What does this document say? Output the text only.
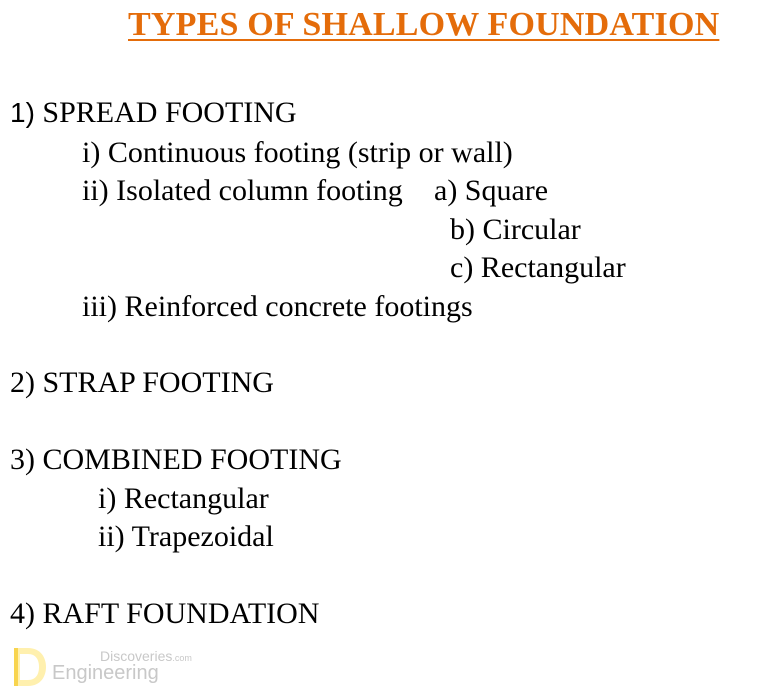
TYPES OF SHALLOW FOUNDATION
1) SPREAD FOOTING
i) Continuous footing (strip or wall)
ii) Isolated column footing a) Square
b) Circular
c) Rectangular
iii) Reinforced concrete footings
2) STRAP FOOTING
3) COMBINED FOOTING
i) Rectangular
ii) Trapezoidal
4) RAFT FOUNDATION
Discoveries.com
Engineering
